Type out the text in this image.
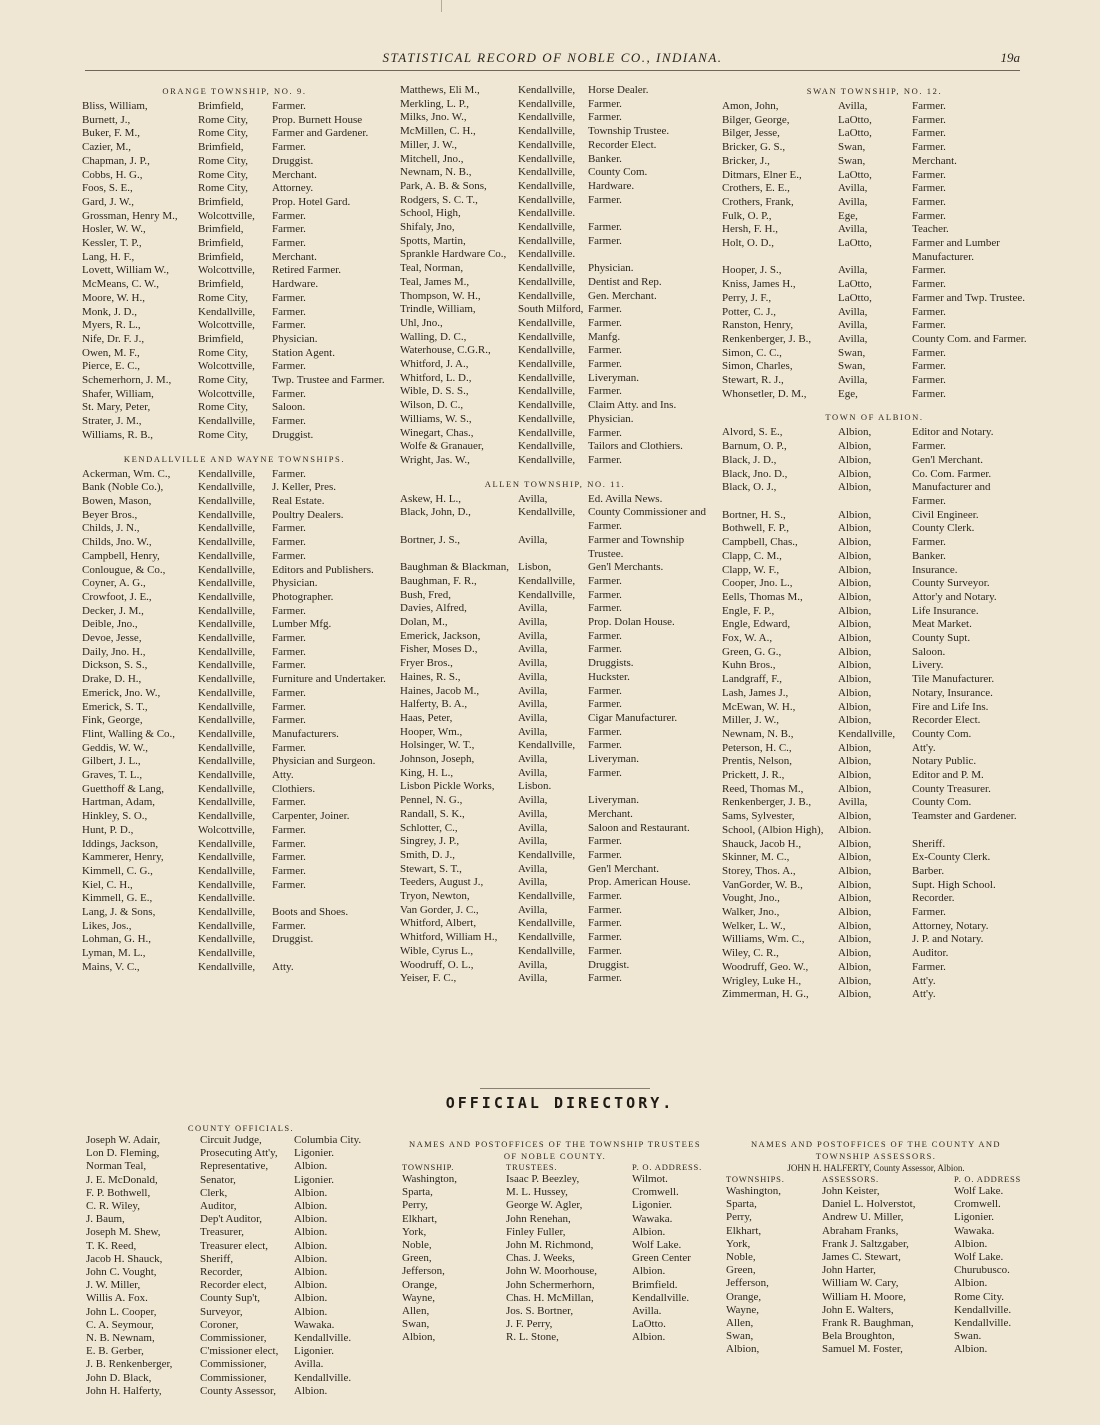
STATISTICAL RECORD OF NOBLE CO., INDIANA.	19a
ORANGE TOWNSHIP, NO. 9.
Bliss, William,	Brimfield,	Farmer.
Burnett, J.,	Rome City,	Prop. Burnett House
Buker, F. M.,	Rome City,	Farmer and Gardener.
Cazier, M.,	Brimfield,	Farmer.
Chapman, J. P.,	Rome City,	Druggist.
Cobbs, H. G.,	Rome City,	Merchant.
Foos, S. E.,	Rome City,	Attorney.
Gard, J. W.,	Brimfield,	Prop. Hotel Gard.
Grossman, Henry M.,	Wolcottville,	Farmer.
Hosler, W. W.,	Brimfield,	Farmer.
Kessler, T. P.,	Brimfield,	Farmer.
Lang, H. F.,	Brimfield,	Merchant.
Lovett, William W.,	Wolcottville,	Retired Farmer.
McMeans, C. W.,	Brimfield,	Hardware.
Moore, W. H.,	Rome City,	Farmer.
Monk, J. D.,	Kendallville,	Farmer.
Myers, R. L.,	Wolcottville,	Farmer.
Nife, Dr. F. J.,	Brimfield,	Physician.
Owen, M. F.,	Rome City,	Station Agent.
Pierce, E. C.,	Wolcottville,	Farmer.
Schemerhorn, J. M.,	Rome City,	Twp. Trustee and Farmer.
Shafer, William,	Wolcottville,	Farmer.
St. Mary, Peter,	Rome City,	Saloon.
Strater, J. M.,	Kendallville,	Farmer.
Williams, R. B.,	Rome City,	Druggist.
KENDALLVILLE AND WAYNE TOWNSHIPS.
Ackerman, Wm. C.,	Kendallville,	Farmer.
Bank (Noble Co.),	Kendallville,	J. Keller, Pres.
Bowen, Mason,	Kendallville,	Real Estate.
Beyer Bros.,	Kendallville,	Poultry Dealers.
Childs, J. N.,	Kendallville,	Farmer.
Childs, Jno. W.,	Kendallville,	Farmer.
Campbell, Henry,	Kendallville,	Farmer.
Conlougue, & Co.,	Kendallville,	Editors and Publishers.
Coyner, A. G.,	Kendallville,	Physician.
Crowfoot, J. E.,	Kendallville,	Photographer.
Decker, J. M.,	Kendallville,	Farmer.
Deible, Jno.,	Kendallville,	Lumber Mfg.
Devoe, Jesse,	Kendallville,	Farmer.
Daily, Jno. H.,	Kendallville,	Farmer.
Dickson, S. S.,	Kendallville,	Farmer.
Drake, D. H.,	Kendallville,	Furniture and Undertaker.
Emerick, Jno. W.,	Kendallville,	Farmer.
Emerick, S. T.,	Kendallville,	Farmer.
Fink, George,	Kendallville,	Farmer.
Flint, Walling & Co.,	Kendallville,	Manufacturers.
Geddis, W. W.,	Kendallville,	Farmer.
Gilbert, J. L.,	Kendallville,	Physician and Surgeon.
Graves, T. L.,	Kendallville,	Atty.
Guetthoff & Lang,	Kendallville,	Clothiers.
Hartman, Adam,	Kendallville,	Farmer.
Hinkley, S. O.,	Kendallville,	Carpenter, Joiner.
Hunt, P. D.,	Wolcottville,	Farmer.
Iddings, Jackson,	Kendallville,	Farmer.
Kammerer, Henry,	Kendallville,	Farmer.
Kimmell, C. G.,	Kendallville,	Farmer.
Kiel, C. H.,	Kendallville,	Farmer.
Kimmell, G. E.,	Kendallville.
Lang, J. & Sons,	Kendallville,	Boots and Shoes.
Likes, Jos.,	Kendallville,	Farmer.
Lohman, G. H.,	Kendallville,	Druggist.
Lyman, M. L.,	Kendallville,
Mains, V. C.,	Kendallville,	Atty.
Matthews, Eli M.,	Kendallville,	Horse Dealer.
Merkling, L. P.,	Kendallville,	Farmer.
Milks, Jno. W.,	Kendallville,	Farmer.
McMillen, C. H.,	Kendallville,	Township Trustee.
Miller, J. W.,	Kendallville,	Recorder Elect.
Mitchell, Jno.,	Kendallville,	Banker.
Newnam, N. B.,	Kendallville,	County Com.
Park, A. B. & Sons,	Kendallville,	Hardware.
Rodgers, S. C. T.,	Kendallville,	Farmer.
School, High,	Kendallville.
Shifaly, Jno,	Kendallville,	Farmer.
Spotts, Martin,	Kendallville,	Farmer.
Sprankle Hardware Co.,	Kendallville.
Teal, Norman,	Kendallville,	Physician.
Teal, James M.,	Kendallville,	Dentist and Rep.
Thompson, W. H.,	Kendallville,	Gen. Merchant.
Trindle, William,	South Milford, Farmer.
Uhl, Jno.,	Kendallville,	Farmer.
Walling, D. C.,	Kendallville,	Manfg.
Waterhouse, C.G.R.,	Kendallville,	Farmer.
Whitford, J. A.,	Kendallville,	Farmer.
Whitford, L. D.,	Kendallville,	Liveryman.
Wible, D. S. S.,	Kendallville,	Farmer.
Wilson, D. C.,	Kendallville,	Claim Atty. and Ins.
Williams, W. S.,	Kendallville,	Physician.
Winegart, Chas.,	Kendallville,	Farmer.
Wolfe & Granauer,	Kendallville,	Tailors and Clothiers.
Wright, Jas. W.,	Kendallville,	Farmer.
ALLEN TOWNSHIP, NO. 11.
Askew, H. L.,	Avilla,	Ed. Avilla News.
Black, John, D.,	Kendallville,	County Commissioner and Farmer.
Bortner, J. S.,	Avilla,	Farmer and Township Trustee.
Baughman & Blackman, Lisbon,	Gen'l Merchants.
Baughman, F. R.,	Kendallville,	Farmer.
Bush, Fred,	Kendallville,	Farmer.
Davies, Alfred,	Avilla,	Farmer.
Dolan, M.,	Avilla,	Prop. Dolan House.
Emerick, Jackson,	Avilla,	Farmer.
Fisher, Moses D.,	Avilla,	Farmer.
Fryer Bros.,	Avilla,	Druggists.
Haines, R. S.,	Avilla,	Huckster.
Haines, Jacob M.,	Avilla,	Farmer.
Halferty, B. A.,	Avilla,	Farmer.
Haas, Peter,	Avilla,	Cigar Manufacturer.
Hooper, Wm.,	Avilla,	Farmer.
Holsinger, W. T.,	Kendallville,	Farmer.
Johnson, Joseph,	Avilla,	Liveryman.
King, H. L.,	Avilla,	Farmer.
Lisbon Pickle Works,	Lisbon.
Pennel, N. G.,	Avilla,	Liveryman.
Randall, S. K.,	Avilla,	Merchant.
Schlotter, C.,	Avilla,	Saloon and Restaurant.
Singrey, J. P.,	Avilla,	Farmer.
Smith, D. J.,	Kendallville,	Farmer.
Stewart, S. T.,	Avilla,	Gen'l Merchant.
Teeders, August J.,	Avilla,	Prop. American House.
Tryon, Newton,	Kendallville,	Farmer.
Van Gorder, J. C.,	Avilla,	Farmer.
Whitford, Albert,	Kendallville,	Farmer.
Whitford, William H.,	Kendallville,	Farmer.
Wible, Cyrus L.,	Kendallville,	Farmer.
Woodruff, O. L.,	Avilla,	Druggist.
Yeiser, F. C.,	Avilla,	Farmer.
SWAN TOWNSHIP, NO. 12.
Amon, John,	Avilla,	Farmer.
Bilger, George,	LaOtto,	Farmer.
Bilger, Jesse,	LaOtto,	Farmer.
Bricker, G. S.,	Swan,	Farmer.
Bricker, J.,	Swan,	Merchant.
Ditmars, Elner E.,	LaOtto,	Farmer.
Crothers, E. E.,	Avilla,	Farmer.
Crothers, Frank,	Avilla,	Farmer.
Fulk, O. P.,	Ege,	Farmer.
Hersh, F. H.,	Avilla,	Teacher.
Holt, O. D.,	LaOtto,	Farmer and Lumber Manufacturer.
Hooper, J. S.,	Avilla,	Farmer.
Kniss, James H.,	LaOtto,	Farmer.
Perry, J. F.,	LaOtto,	Farmer and Twp. Trustee.
Potter, C. J.,	Avilla,	Farmer.
Ranston, Henry,	Avilla,	Farmer.
Renkenberger, J. B.,	Avilla,	County Com. and Farmer.
Simon, C. C.,	Swan,	Farmer.
Simon, Charles,	Swan,	Farmer.
Stewart, R. J.,	Avilla,	Farmer.
Whonsetler, D. M.,	Ege,	Farmer.
TOWN OF ALBION.
Alvord, S. E.,	Albion,	Editor and Notary.
Barnum, O. P.,	Albion,	Farmer.
Black, J. D.,	Albion,	Gen'l Merchant.
Black, Jno. D.,	Albion,	Co. Com. Farmer.
Black, O. J.,	Albion,	Manufacturer and Farmer.
Bortner, H. S.,	Albion,	Civil Engineer.
Bothwell, F. P.,	Albion,	County Clerk.
Campbell, Chas.,	Albion,	Farmer.
Clapp, C. M.,	Albion,	Banker.
Clapp, W. F.,	Albion,	Insurance.
Cooper, Jno. L.,	Albion,	County Surveyor.
Eells, Thomas M.,	Albion,	Attor'y and Notary.
Engle, F. P.,	Albion,	Life Insurance.
Engle, Edward,	Albion,	Meat Market.
Fox, W. A.,	Albion,	County Supt.
Green, G. G.,	Albion,	Saloon.
Kuhn Bros.,	Albion,	Livery.
Landgraff, F.,	Albion,	Tile Manufacturer.
Lash, James J.,	Albion,	Notary, Insurance.
McEwan, W. H.,	Albion,	Fire and Life Ins.
Miller, J. W.,	Albion,	Recorder Elect.
Newnam, N. B.,	Kendallville,	County Com.
Peterson, H. C.,	Albion,	Att'y.
Prentis, Nelson,	Albion,	Notary Public.
Prickett, J. R.,	Albion,	Editor and P. M.
Reed, Thomas M.,	Albion,	County Treasurer.
Renkenberger, J. B.,	Avilla,	County Com.
Sams, Sylvester,	Albion,	Teamster and Gardener.
School, (Albion High),	Albion.
Shauck, Jacob H.,	Albion,	Sheriff.
Skinner, M. C.,	Albion,	Ex-County Clerk.
Storey, Thos. A.,	Albion,	Barber.
VanGorder, W. B.,	Albion,	Supt. High School.
Vought, Jno.,	Albion,	Recorder.
Walker, Jno.,	Albion,	Farmer.
Welker, L. W.,	Albion,	Attorney, Notary.
Williams, Wm. C.,	Albion,	J. P. and Notary.
Wiley, C. R.,	Albion,	Auditor.
Woodruff, Geo. W.,	Albion,	Farmer.
Wrigley, Luke H.,	Albion,	Att'y.
Zimmerman, H. G.,	Albion,	Att'y.
OFFICIAL DIRECTORY.
COUNTY OFFICIALS.
Joseph W. Adair,	Circuit Judge,	Columbia City.
Lon D. Fleming,	Prosecuting Att'y,	Ligonier.
Norman Teal,	Representative,	Albion.
J. E. McDonald,	Senator,	Ligonier.
F. P. Bothwell,	Clerk,	Albion.
C. R. Wiley,	Auditor,	Albion.
J. Baum,	Dep't Auditor,	Albion.
Joseph M. Shew,	Treasurer,	Albion.
T. K. Reed,	Treasurer elect,	Albion.
Jacob H. Shauck,	Sheriff,	Albion.
John C. Vought,	Recorder,	Albion.
J. W. Miller,	Recorder elect,	Albion.
Willis A. Fox.	County Sup't,	Albion.
John L. Cooper,	Surveyor,	Albion.
C. A. Seymour,	Coroner,	Wawaka.
N. B. Newnam,	Commissioner,	Kendallville.
E. B. Gerber,	C'missioner elect,	Ligonier.
J. B. Renkenberger,	Commissioner,	Avilla.
John D. Black,	Commissioner,	Kendallville.
John H. Halferty,	County Assessor,	Albion.
NAMES AND POSTOFFICES OF THE TOWNSHIP TRUSTEES OF NOBLE COUNTY.
TOWNSHIP.	TRUSTEES.	P. O. ADDRESS.
Washington,	Isaac P. Beezley,	Wilmot.
Sparta,	M. L. Hussey,	Cromwell.
Perry,	George W. Agler,	Ligonier.
Elkhart,	John Renehan,	Wawaka.
York,	Finley Fuller,	Albion.
Noble,	John M. Richmond,	Wolf Lake.
Green,	Chas. J. Weeks,	Green Center
Jefferson,	John W. Moorhouse,	Albion.
Orange,	John Schermerhorn,	Brimfield.
Wayne,	Chas. H. McMillan,	Kendallville.
Allen,	Jos. S. Bortner,	Avilla.
Swan,	J. F. Perry,	LaOtto.
Albion,	R. L. Stone,	Albion.
NAMES AND POSTOFFICES OF THE COUNTY AND TOWNSHIP ASSESSORS.
JOHN H. HALFERTY, County Assessor, Albion.
TOWNSHIPS.	ASSESSORS.	P. O. ADDRESS
Washington,	John Keister,	Wolf Lake.
Sparta,	Daniel L. Holverstot,	Cromwell.
Perry,	Andrew U. Miller,	Ligonier.
Elkhart,	Abraham Franks,	Wawaka.
York,	Frank J. Saltzgaber,	Albion.
Noble,	James C. Stewart,	Wolf Lake.
Green,	John Harter,	Churubusco.
Jefferson,	William W. Cary,	Albion.
Orange,	William H. Moore,	Rome City.
Wayne,	John E. Walters,	Kendallville.
Allen,	Frank R. Baughman,	Kendallville.
Swan,	Bela Broughton,	Swan.
Albion,	Samuel M. Foster,	Albion.
